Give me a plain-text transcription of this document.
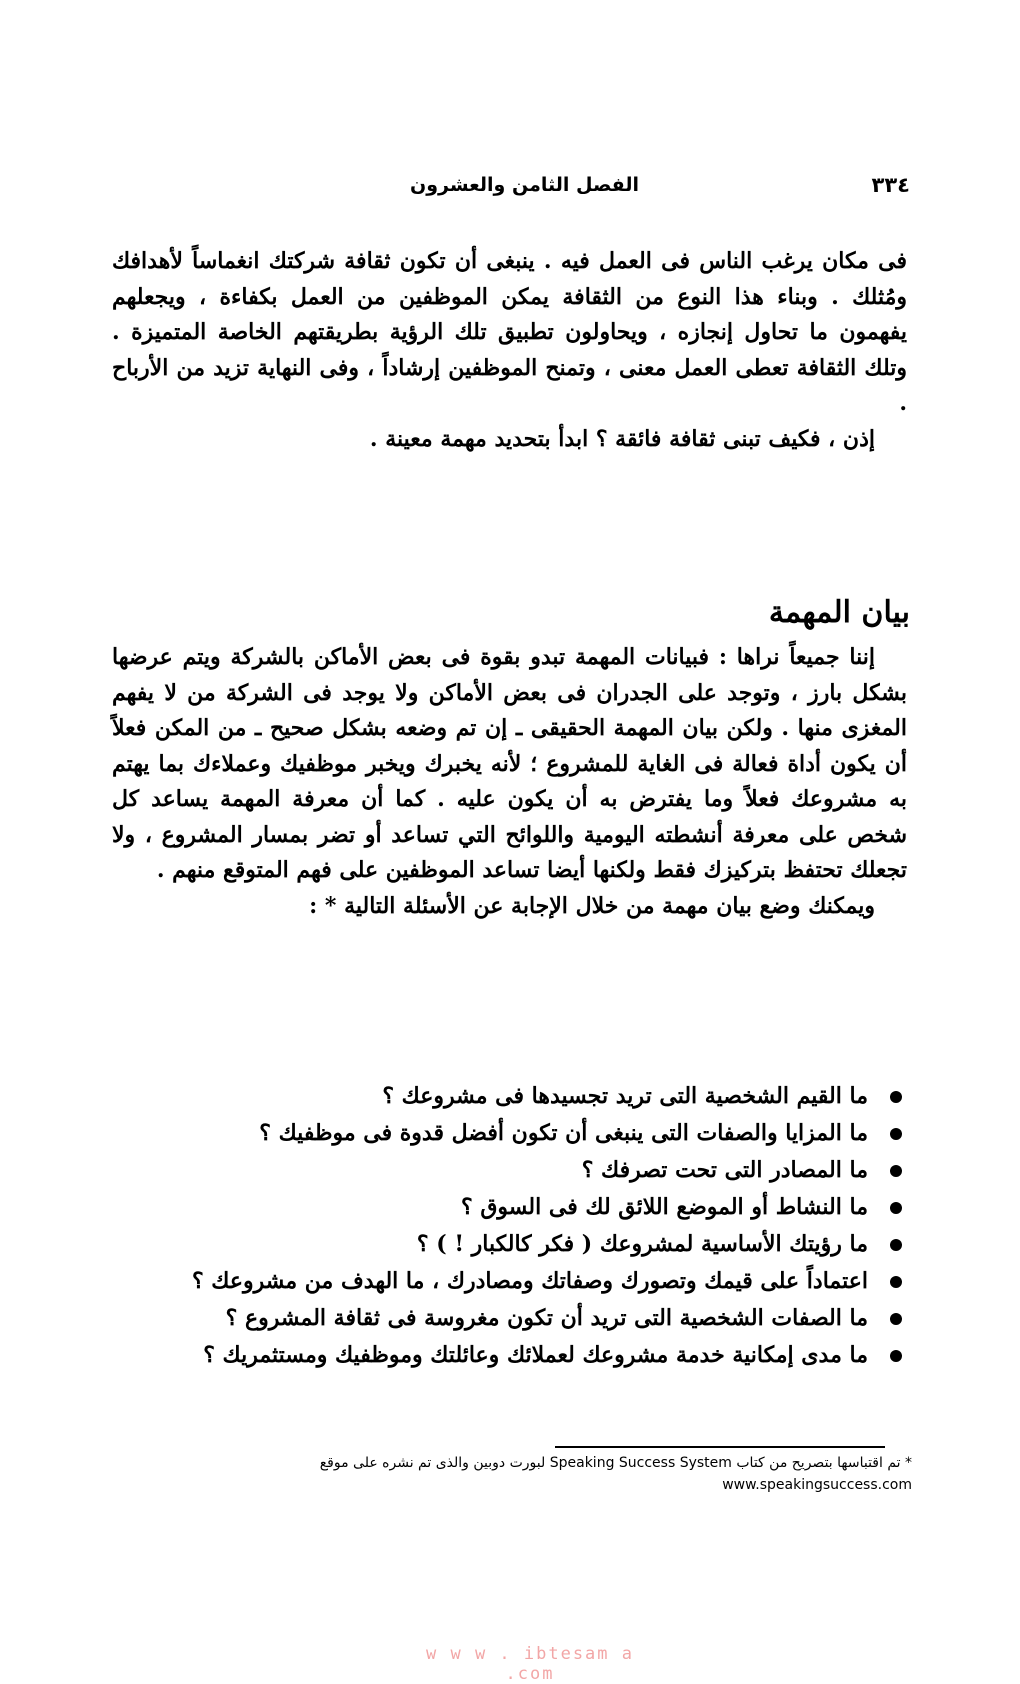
٣٣٤
الفصل الثامن والعشرون

فى مكان يرغب الناس فى العمل فيه . ينبغى أن تكون ثقافة شركتك انغماساً لأهدافك ومُثلك . وبناء هذا النوع من الثقافة يمكن الموظفين من العمل بكفاءة ، ويجعلهم يفهمون ما تحاول إنجازه ، ويحاولون تطبيق تلك الرؤية بطريقتهم الخاصة المتميزة . وتلك الثقافة تعطى العمل معنى ، وتمنح الموظفين إرشاداً ، وفى النهاية تزيد من الأرباح .

إذن ، فكيف تبنى ثقافة فائقة ؟ ابدأ بتحديد مهمة معينة .

بيان المهمة

إننا جميعاً نراها : فبيانات المهمة تبدو بقوة فى بعض الأماكن بالشركة ويتم عرضها بشكل بارز ، وتوجد على الجدران فى بعض الأماكن ولا يوجد فى الشركة من لا يفهم المغزى منها . ولكن بيان المهمة الحقيقى ـ إن تم وضعه بشكل صحيح ـ من المكن فعلاً أن يكون أداة فعالة فى الغاية للمشروع ؛ لأنه يخبرك ويخبر موظفيك وعملاءك بما يهتم به مشروعك فعلاً وما يفترض به أن يكون عليه . كما أن معرفة المهمة يساعد كل شخص على معرفة أنشطته اليومية واللوائح التي تساعد أو تضر بمسار المشروع ، ولا تجعلك تحتفظ بتركيزك فقط ولكنها أيضا تساعد الموظفين على فهم المتوقع منهم .

ويمكنك وضع بيان مهمة من خلال الإجابة عن الأسئلة التالية * :

ما القيم الشخصية التى تريد تجسيدها فى مشروعك ؟
ما المزايا والصفات التى ينبغى أن تكون أفضل قدوة فى موظفيك ؟
ما المصادر التى تحت تصرفك ؟
ما النشاط أو الموضع اللائق لك فى السوق ؟
ما رؤيتك الأساسية لمشروعك ( فكر كالكبار ! ) ؟
اعتماداً على قيمك وتصورك وصفاتك ومصادرك ، ما الهدف من مشروعك ؟
ما الصفات الشخصية التى تريد أن تكون مغروسة فى ثقافة المشروع ؟
ما مدى إمكانية خدمة مشروعك لعملائك وعائلتك وموظفيك ومستثمريك ؟
* تم اقتباسها بتصريح من كتاب Speaking Success System لبورت دوبين والذى تم نشره على موقع
www.speakingsuccess.com
w w w . ibtesam a .com
